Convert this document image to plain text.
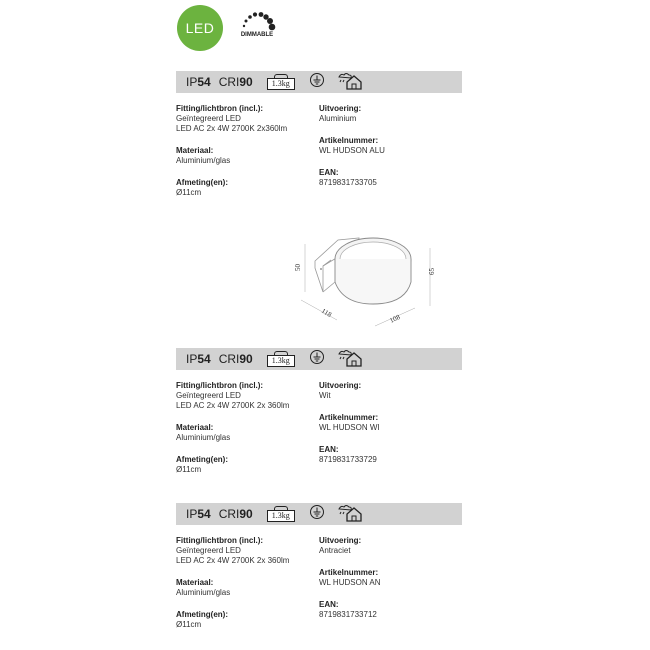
LED	DIMMABLE
IP54 CRI90	1.3kg
Fitting/lichtbron (incl.):
Geïntegreerd LED
LED AC 2x 4W 2700K 2x360lm
Materiaal:
Aluminium/glas
Afmeting(en):
Ø11cm
Uitvoering:
Aluminium
Artikelnummer:
WL HUDSON ALU
EAN:
8719831733705
50
65
118
108
IP54 CRI90	1.3kg
Fitting/lichtbron (incl.):
Geïntegreerd LED
LED AC 2x 4W 2700K 2x 360lm
Materiaal:
Aluminium/glas
Afmeting(en):
Ø11cm
Uitvoering:
Wit
Artikelnummer:
WL HUDSON WI
EAN:
8719831733729
IP54 CRI90	1.3kg
Fitting/lichtbron (incl.):
Geïntegreerd LED
LED AC 2x 4W 2700K 2x 360lm
Materiaal:
Aluminium/glas
Afmeting(en):
Ø11cm
Uitvoering:
Antraciet
Artikelnummer:
WL HUDSON AN
EAN:
8719831733712
